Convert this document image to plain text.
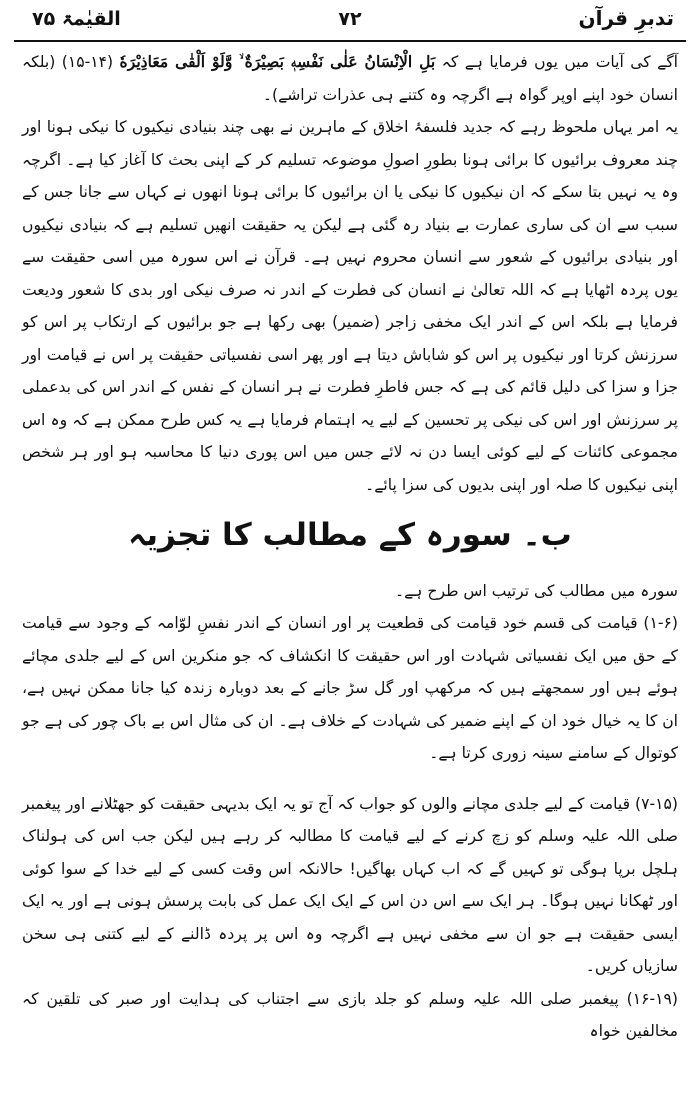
القیٰمۃ ۷۵	۷۲	تدبرِ قرآن

آگے کی آیات میں یوں فرمایا ہے کہ بَلِ الْاِنْسَانُ عَلٰى نَفْسِهٖ بَصِيْرَةٌ ۙ وَّلَوْ اَلْقٰى مَعَاذِيْرَهٗ (۱۴-۱۵) (بلکہ انسان خود اپنے اوپر گواہ ہے اگرچہ وہ کتنے ہی عذرات تراشے)۔

یہ امر یہاں ملحوظ رہے کہ جدید فلسفۂ اخلاق کے ماہرین نے بھی چند بنیادی نیکیوں کا نیکی ہونا اور چند معروف برائیوں کا برائی ہونا بطورِ اصولِ موضوعہ تسلیم کر کے اپنی بحث کا آغاز کیا ہے۔ اگرچہ وہ یہ نہیں بتا سکے کہ ان نیکیوں کا نیکی یا ان برائیوں کا برائی ہونا انھوں نے کہاں سے جانا جس کے سبب سے ان کی ساری عمارت بے بنیاد رہ گئی ہے لیکن یہ حقیقت انھیں تسلیم ہے کہ بنیادی نیکیوں اور بنیادی برائیوں کے شعور سے انسان محروم نہیں ہے۔ قرآن نے اس سورہ میں اسی حقیقت سے یوں پردہ اٹھایا ہے کہ اللہ تعالیٰ نے انسان کی فطرت کے اندر نہ صرف نیکی اور بدی کا شعور ودیعت فرمایا ہے بلکہ اس کے اندر ایک مخفی زاجر (ضمیر) بھی رکھا ہے جو برائیوں کے ارتکاب پر اس کو سرزنش کرتا اور نیکیوں پر اس کو شاباش دیتا ہے اور پھر اسی نفسیاتی حقیقت پر اس نے قیامت اور جزا و سزا کی دلیل قائم کی ہے کہ جس فاطرِ فطرت نے ہر انسان کے نفس کے اندر اس کی بدعملی پر سرزنش اور اس کی نیکی پر تحسین کے لیے یہ اہتمام فرمایا ہے یہ کس طرح ممکن ہے کہ وہ اس مجموعی کائنات کے لیے کوئی ایسا دن نہ لائے جس میں اس پوری دنیا کا محاسبہ ہو اور ہر شخص اپنی نیکیوں کا صلہ اور اپنی بدیوں کی سزا پائے۔

ب۔ سورہ کے مطالب کا تجزیہ

سورہ میں مطالب کی ترتیب اس طرح ہے۔

(۱-۶) قیامت کی قسم خود قیامت کی قطعیت پر اور انسان کے اندر نفسِ لوّامہ کے وجود سے قیامت کے حق میں ایک نفسیاتی شہادت اور اس حقیقت کا انکشاف کہ جو منکرین اس کے لیے جلدی مچائے ہوئے ہیں اور سمجھتے ہیں کہ مرکھپ اور گل سڑ جانے کے بعد دوبارہ زندہ کیا جانا ممکن نہیں ہے، ان کا یہ خیال خود ان کے اپنے ضمیر کی شہادت کے خلاف ہے۔ ان کی مثال اس بے باک چور کی ہے جو کوتوال کے سامنے سینہ زوری کرتا ہے۔

(۷-۱۵) قیامت کے لیے جلدی مچانے والوں کو جواب کہ آج تو یہ ایک بدیہی حقیقت کو جھٹلانے اور پیغمبر صلی اللہ علیہ وسلم کو زچ کرنے کے لیے قیامت کا مطالبہ کر رہے ہیں لیکن جب اس کی ہولناک ہلچل برپا ہوگی تو کہیں گے کہ اب کہاں بھاگیں! حالانکہ اس وقت کسی کے لیے خدا کے سوا کوئی اور ٹھکانا نہیں ہوگا۔ ہر ایک سے اس دن اس کے ایک ایک عمل کی بابت پرسش ہونی ہے اور یہ ایک ایسی حقیقت ہے جو ان سے مخفی نہیں ہے اگرچہ وہ اس پر پردہ ڈالنے کے لیے کتنی ہی سخن سازیاں کریں۔

(۱۶-۱۹) پیغمبر صلی اللہ علیہ وسلم کو جلد بازی سے اجتناب کی ہدایت اور صبر کی تلقین کہ مخالفین خواہ
